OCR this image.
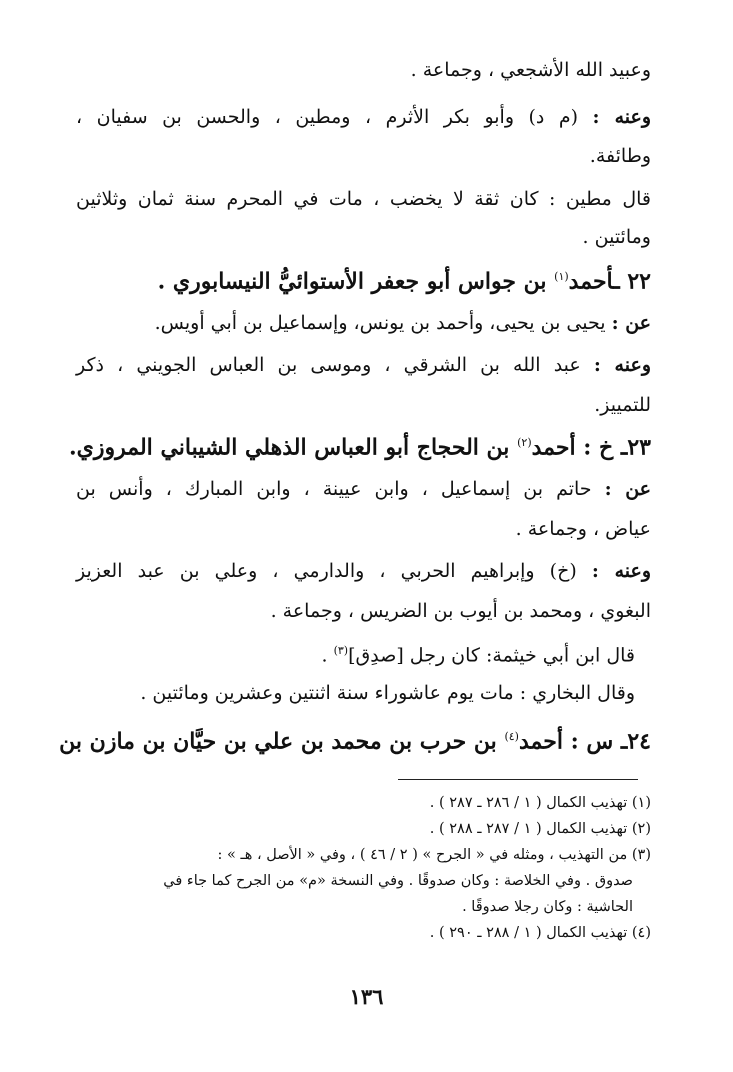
وعبيد الله الأشجعي ، وجماعة .
وعنه : (م د) وأبو بكر الأثرم ، ومطين ، والحسن بن سفيان ،
وطائفة.
قال مطين : كان ثقة لا يخضب ، مات في المحرم سنة ثمان وثلاثين
ومائتين .
٢٢ ـأحمد$^{(١)}$ بن جواس أبو جعفر الأستوائيُّ النيسابوري .
عن : يحيى بن يحيى، وأحمد بن يونس، وإسماعيل بن أبي أويس.
وعنه : عبد الله بن الشرقي ، وموسى بن العباس الجويني ، ذكر
للتمييز.
٢٣ـ خ : أحمد$^{(٢)}$ بن الحجاج أبو العباس الذهلي الشيباني المروزي.
عن : حاتم بن إسماعيل ، وابن عيينة ، وابن المبارك ، وأنس بن
عياض ، وجماعة .
وعنه : (خ) وإبراهيم الحربي ، والدارمي ، وعلي بن عبد العزيز
البغوي ، ومحمد بن أيوب بن الضريس ، وجماعة .
قال ابن أبي خيثمة: كان رجل [صدِق]$^{(٣)}$ .
وقال البخاري : مات يوم عاشوراء سنة اثنتين وعشرين ومائتين .
٢٤ـ س : أحمد$^{(٤)}$ بن حرب بن محمد بن علي بن حيَّان بن مازن بن
(١) تهذيب الكمال ( ١ / ٢٨٦ ـ ٢٨٧ ) .
(٢) تهذيب الكمال ( ١ / ٢٨٧ ـ ٢٨٨ ) .
(٣) من التهذيب ، ومثله في « الجرح » ( ٢ / ٤٦ ) ، وفي « الأصل ، هـ » :
صدوق . وفي الخلاصة : وكان صدوقًا . وفي النسخة «م» من الجرح كما جاء في
الحاشية : وكان رجلا صدوقًا .
(٤) تهذيب الكمال ( ١ / ٢٨٨ ـ ٢٩٠ ) .
١٣٦
